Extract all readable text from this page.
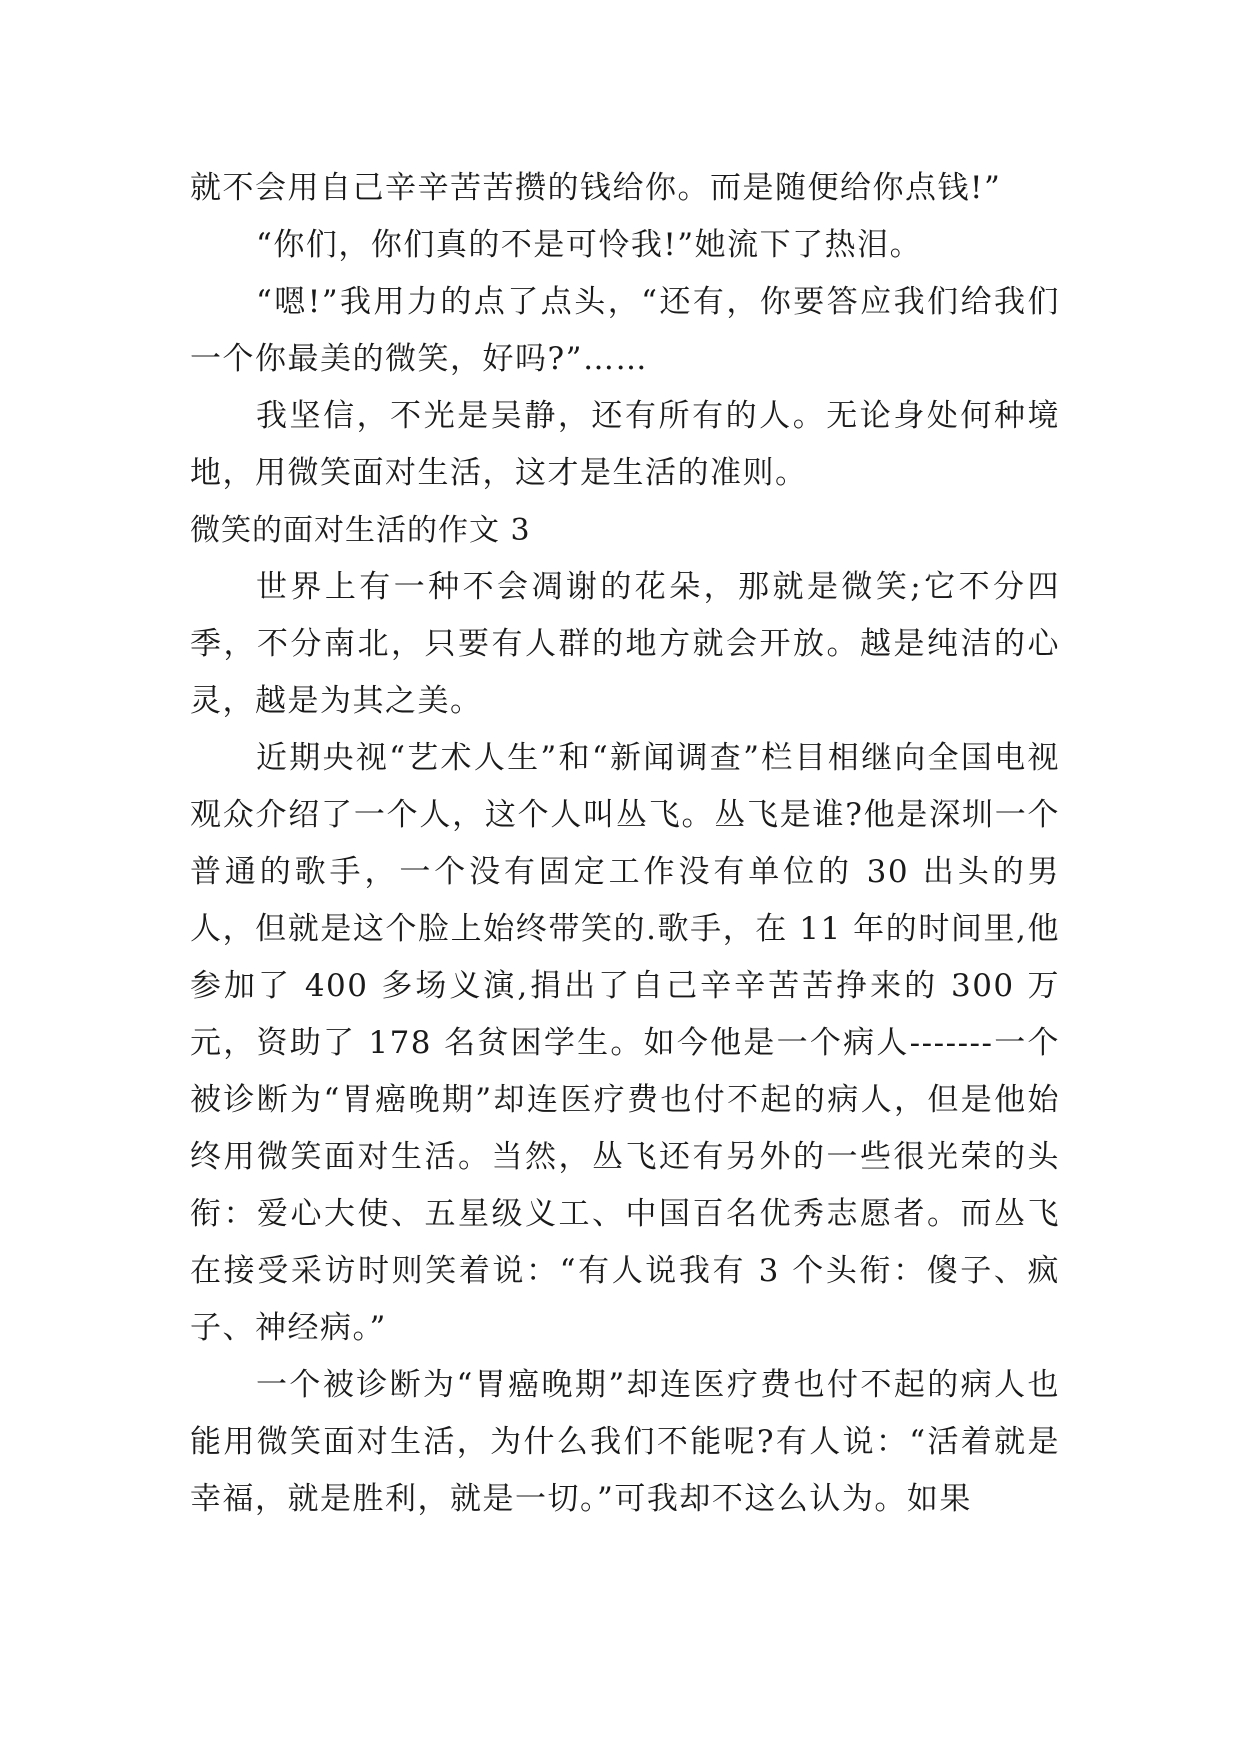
就不会用自己辛辛苦苦攒的钱给你。而是随便给你点钱!”

“你们，你们真的不是可怜我!”她流下了热泪。

“嗯!”我用力的点了点头，“还有，你要答应我们给我们一个你最美的微笑，好吗?”……

我坚信，不光是吴静，还有所有的人。无论身处何种境地，用微笑面对生活，这才是生活的准则。

微笑的面对生活的作文 3

世界上有一种不会凋谢的花朵，那就是微笑;它不分四季，不分南北，只要有人群的地方就会开放。越是纯洁的心灵，越是为其之美。

近期央视“艺术人生”和“新闻调查”栏目相继向全国电视观众介绍了一个人，这个人叫丛飞。丛飞是谁?他是深圳一个普通的歌手，一个没有固定工作没有单位的 30 出头的男人，但就是这个脸上始终带笑的.歌手，在 11 年的时间里,他参加了 400 多场义演,捐出了自己辛辛苦苦挣来的 300 万元，资助了 178 名贫困学生。如今他是一个病人-------一个被诊断为“胃癌晚期”却连医疗费也付不起的病人，但是他始终用微笑面对生活。当然，丛飞还有另外的一些很光荣的头衔：爱心大使、五星级义工、中国百名优秀志愿者。而丛飞在接受采访时则笑着说：“有人说我有 3 个头衔：傻子、疯子、神经病。”

一个被诊断为“胃癌晚期”却连医疗费也付不起的病人也能用微笑面对生活，为什么我们不能呢?有人说：“活着就是幸福，就是胜利，就是一切。”可我却不这么认为。如果
